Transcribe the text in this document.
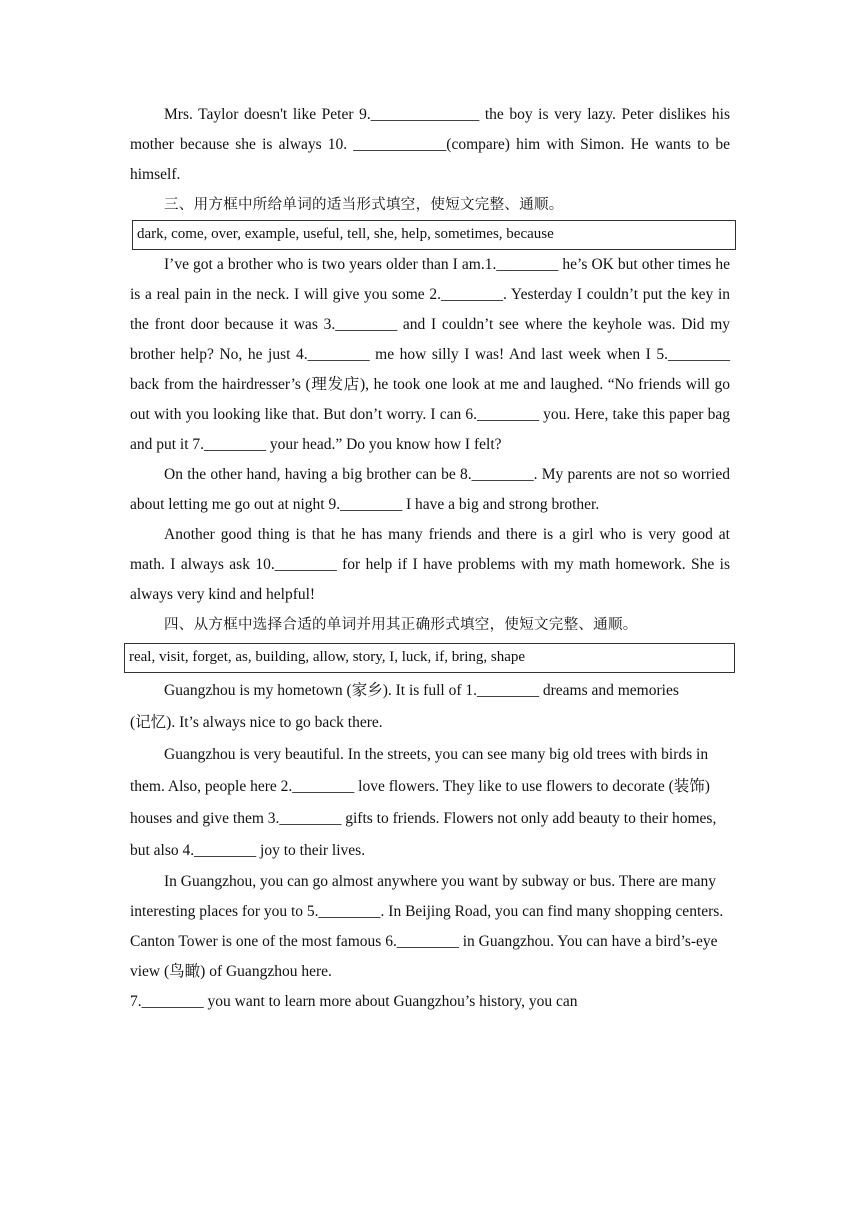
Mrs. Taylor doesn't like Peter 9.______________ the boy is very lazy. Peter dislikes his mother because she is always 10. ____________(compare) him with Simon. He wants to be himself.

三、用方框中所给单词的适当形式填空，使短文完整、通顺。

dark, come, over, example, useful, tell, she, help, sometimes, because

I’ve got a brother who is two years older than I am.1.________ he’s OK but other times he is a real pain in the neck. I will give you some 2.________. Yesterday I couldn’t put the key in the front door because it was 3.________ and I couldn’t see where the keyhole was. Did my brother help? No, he just 4.________ me how silly I was! And last week when I 5.________ back from the hairdresser’s (理发店), he took one look at me and laughed. “No friends will go out with you looking like that. But don’t worry. I can 6.________ you. Here, take this paper bag and put it 7.________ your head.” Do you know how I felt?

On the other hand, having a big brother can be 8.________. My parents are not so worried about letting me go out at night 9.________ I have a big and strong brother.

Another good thing is that he has many friends and there is a girl who is very good at math. I always ask 10.________ for help if I have problems with my math homework. She is always very kind and helpful!

四、从方框中选择合适的单词并用其正确形式填空，使短文完整、通顺。

real, visit, forget, as, building, allow, story, I, luck, if, bring, shape

Guangzhou is my hometown (家乡). It is full of 1.________ dreams and memories (记忆). It’s always nice to go back there.

Guangzhou is very beautiful. In the streets, you can see many big old trees with birds in them. Also, people here 2.________ love flowers. They like to use flowers to decorate (装饰) houses and give them 3.________ gifts to friends. Flowers not only add beauty to their homes, but also 4.________ joy to their lives.

In Guangzhou, you can go almost anywhere you want by subway or bus. There are many interesting places for you to 5.________. In Beijing Road, you can find many shopping centers. Canton Tower is one of the most famous 6.________ in Guangzhou. You can have a bird’s-eye view (鸟瞰) of Guangzhou here.

7.________ you want to learn more about Guangzhou’s history, you can
